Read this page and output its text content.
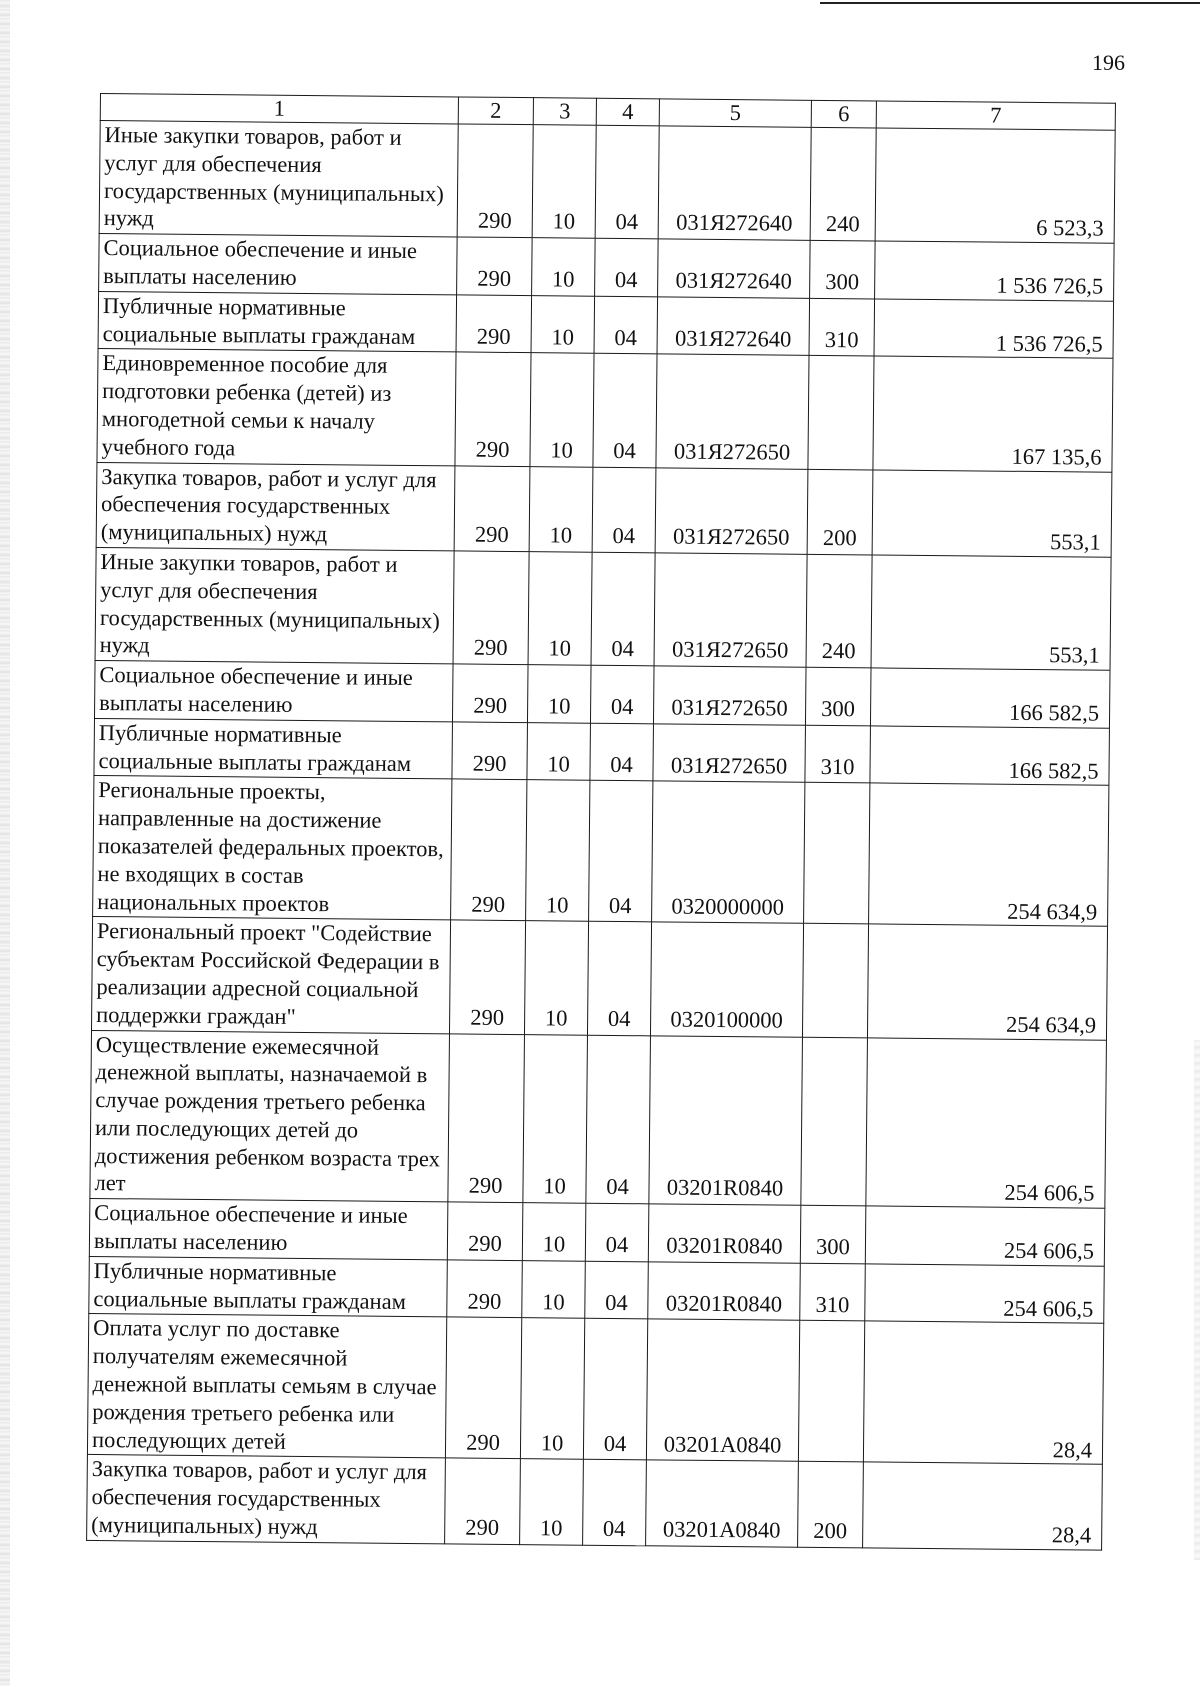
196
1	2	3	4	5	6	7
Иные закупки товаров, работ и услуг для обеспечения государственных (муниципальных) нужд	290	10	04	031Я272640	240	6 523,3
Социальное обеспечение и иные выплаты населению	290	10	04	031Я272640	300	1 536 726,5
Публичные нормативные социальные выплаты гражданам	290	10	04	031Я272640	310	1 536 726,5
Единовременное пособие для подготовки ребенка (детей) из многодетной семьи к началу учебного года	290	10	04	031Я272650		167 135,6
Закупка товаров, работ и услуг для обеспечения государственных (муниципальных) нужд	290	10	04	031Я272650	200	553,1
Иные закупки товаров, работ и услуг для обеспечения государственных (муниципальных) нужд	290	10	04	031Я272650	240	553,1
Социальное обеспечение и иные выплаты населению	290	10	04	031Я272650	300	166 582,5
Публичные нормативные социальные выплаты гражданам	290	10	04	031Я272650	310	166 582,5
Региональные проекты, направленные на достижение показателей федеральных проектов, не входящих в состав национальных проектов	290	10	04	0320000000		254 634,9
Региональный проект "Содействие субъектам Российской Федерации в реализации адресной социальной поддержки граждан"	290	10	04	0320100000		254 634,9
Осуществление ежемесячной денежной выплаты, назначаемой в случае рождения третьего ребенка или последующих детей до достижения ребенком возраста трех лет	290	10	04	03201R0840		254 606,5
Социальное обеспечение и иные выплаты населению	290	10	04	03201R0840	300	254 606,5
Публичные нормативные социальные выплаты гражданам	290	10	04	03201R0840	310	254 606,5
Оплата услуг по доставке получателям ежемесячной денежной выплаты семьям в случае рождения третьего ребенка или последующих детей	290	10	04	03201A0840		28,4
Закупка товаров, работ и услуг для обеспечения государственных (муниципальных) нужд	290	10	04	03201A0840	200	28,4
